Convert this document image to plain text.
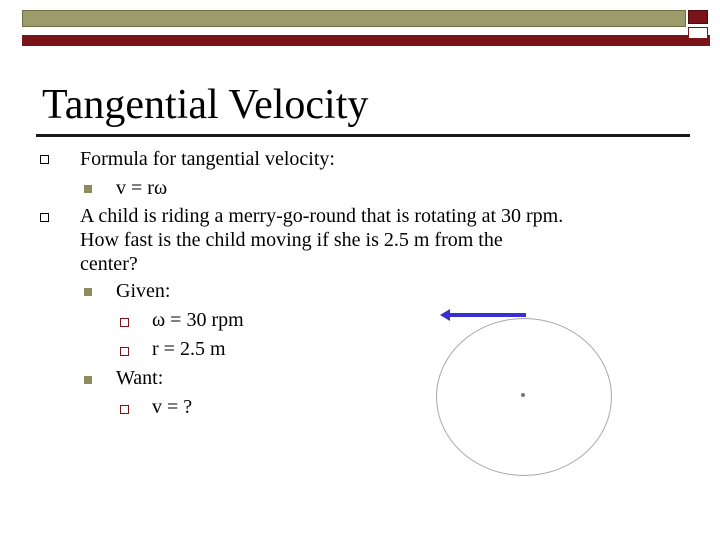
Tangential Velocity
Formula for tangential velocity:
v = rω
A child is riding a merry-go-round that is rotating at 30 rpm.
How fast is the child moving if she is 2.5 m from the
center?
Given:
ω = 30 rpm
r = 2.5 m
Want:
v = ?
